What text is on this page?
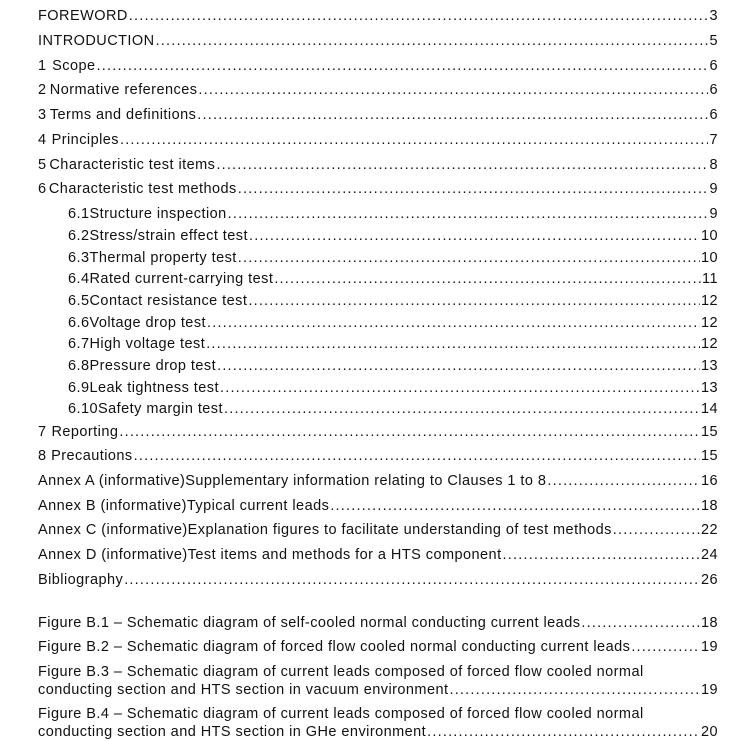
FOREWORD .....	3
INTRODUCTION .....	5
1 Scope .....	6
2 Normative references .....	6
3 Terms and definitions .....	6
4 Principles .....	7
5 Characteristic test items .....	8
6 Characteristic test methods .....	9
6.1 Structure inspection .....	9
6.2 Stress/strain effect test .....	10
6.3 Thermal property test .....	10
6.4 Rated current-carrying test .....	11
6.5 Contact resistance test .....	12
6.6 Voltage drop test .....	12
6.7 High voltage test .....	12
6.8 Pressure drop test .....	13
6.9 Leak tightness test .....	13
6.10 Safety margin test .....	14
7 Reporting .....	15
8 Precautions .....	15
Annex A (informative) Supplementary information relating to Clauses 1 to 8 .....	16
Annex B (informative) Typical current leads .....	18
Annex C (informative) Explanation figures to facilitate understanding of test methods .....	22
Annex D (informative) Test items and methods for a HTS component .....	24
Bibliography .....	26
Figure B.1 – Schematic diagram of self-cooled normal conducting current leads .....	18
Figure B.2 – Schematic diagram of forced flow cooled normal conducting current leads .....	19
Figure B.3 – Schematic diagram of current leads composed of forced flow cooled normal
conducting section and HTS section in vacuum environment .....	19
Figure B.4 – Schematic diagram of current leads composed of forced flow cooled normal
conducting section and HTS section in GHe environment .....	20
